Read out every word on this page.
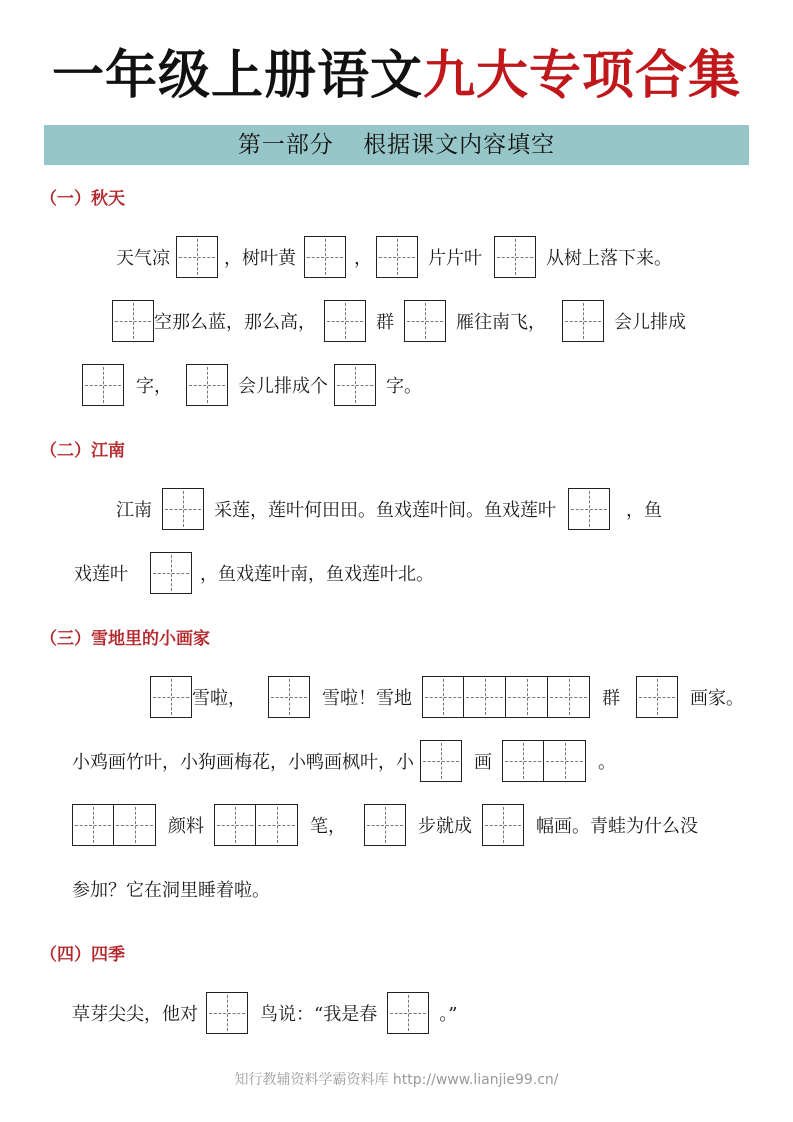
一年级上册语文九大专项合集
第一部分 根据课文内容填空
（一）秋天
天气凉	，树叶黄	，	片片叶	从树上落下来。
空那么蓝，那么高，	群	雁往南飞，	会儿排成
字，	会儿排成个	字。
（二）江南
江南	采莲，莲叶何田田。鱼戏莲叶间。鱼戏莲叶	，鱼
戏莲叶	，鱼戏莲叶南，鱼戏莲叶北。
（三）雪地里的小画家
雪啦，	雪啦！雪地	群	画家。
小鸡画竹叶，小狗画梅花，小鸭画枫叶，小	画	。
颜料	笔，	步就成	幅画。青蛙为什么没
参加？它在洞里睡着啦。
（四）四季
草芽尖尖，他对	鸟说：“我是春	。”
知行教辅资料学霸资料库 http://www.lianjie99.cn/
